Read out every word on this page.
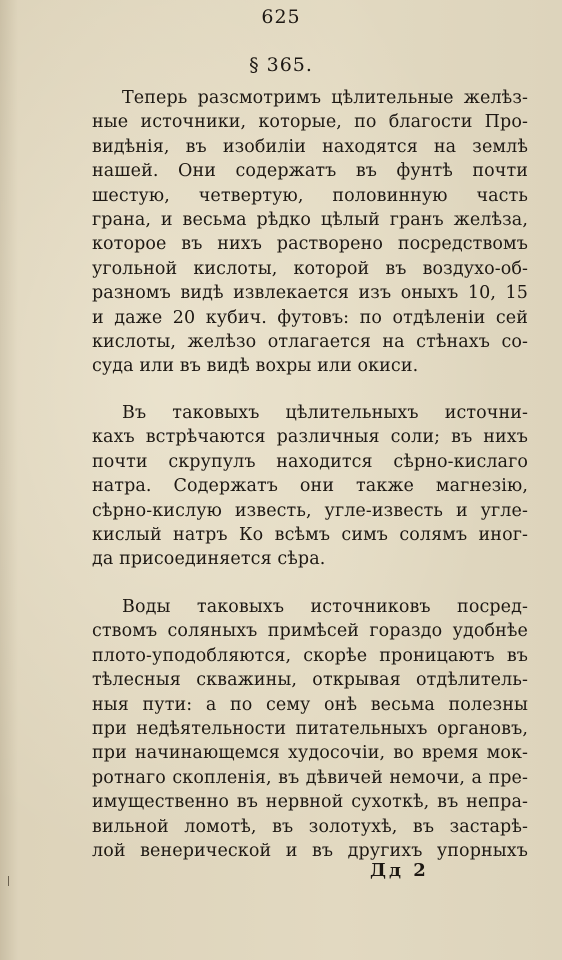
625
§ 365.
Теперь разсмотримъ цѣлительные желѣз-
ные источники, которые, по благости Про-
видѣнія, въ изобиліи находятся на землѣ
нашей. Они содержатъ въ фунтѣ почти
шестую, четвертую, половинную часть
грана, и весьма рѣдко цѣлый гранъ желѣза,
которое въ нихъ растворено посредствомъ
угольной кислоты, которой въ воздухо-об-
разномъ видѣ извлекается изъ оныхъ 10, 15
и даже 20 кубич. футовъ: по отдѣленіи сей
кислоты, желѣзо отлагается на стѣнахъ со-
суда или въ видѣ вохры или окиси.
Въ таковыхъ цѣлительныхъ источни-
кахъ встрѣчаются различныя соли; въ нихъ
почти скрупулъ находится сѣрно-кислаго
натра. Содержатъ они также магнезію,
сѣрно-кислую известь, угле-известь и угле-
кислый натръ Ко всѣмъ симъ солямъ иног-
да присоединяется сѣра.
Воды таковыхъ источниковъ посред-
ствомъ соляныхъ примѣсей гораздо удобнѣе
плото-уподобляются, скорѣе проницаютъ въ
тѣлесныя скважины, открывая отдѣлитель-
ныя пути: а по сему онѣ весьма полезны
при недѣятельности питательныхъ органовъ,
при начинающемся худосочіи, во время мок-
ротнаго скопленія, въ дѣвичей немочи, а пре-
имущественно въ нервной сухоткѣ, въ непра-
вильной ломотѣ, въ золотухѣ, въ застарѣ-
лой венерической и въ другихъ упорныхъ
Дд 2
